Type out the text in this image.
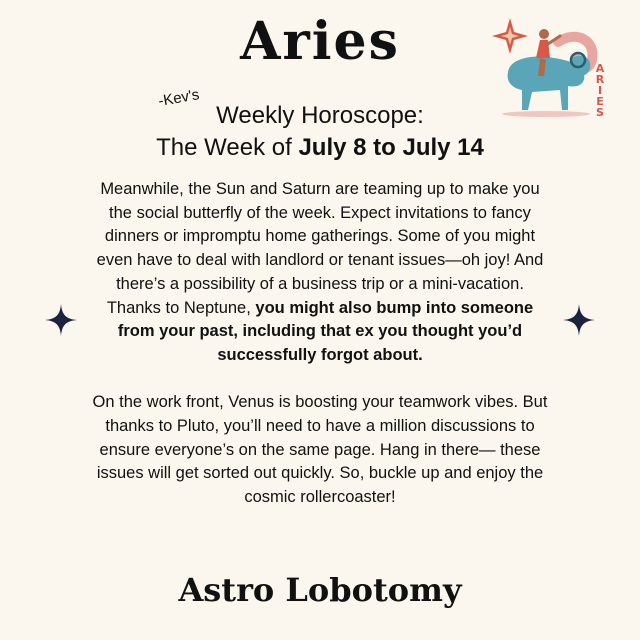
Aries	A
R
I
E
S
-Kev's
Weekly Horoscope:
The Week of July 8 to July 14

Meanwhile, the Sun and Saturn are teaming up to make you the social butterfly of the week. Expect invitations to fancy dinners or impromptu home gatherings. Some of you might even have to deal with landlord or tenant issues—oh joy! And there’s a possibility of a business trip or a mini-vacation. Thanks to Neptune, you might also bump into someone from your past, including that ex you thought you’d successfully forgot about.

On the work front, Venus is boosting your teamwork vibes. But thanks to Pluto, you’ll need to have a million discussions to ensure everyone’s on the same page. Hang in there— these issues will get sorted out quickly. So, buckle up and enjoy the cosmic rollercoaster!

Astro Lobotomy
